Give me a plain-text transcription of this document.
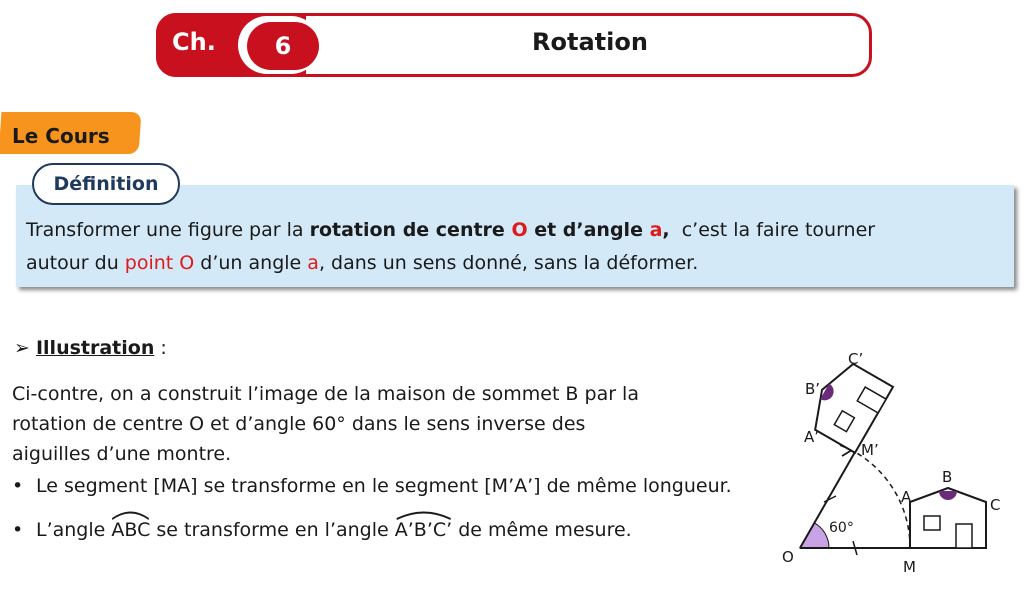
Ch.	6	Rotation
Le Cours
Définition
Transformer une figure par la rotation de centre O et d’angle a,  c’est la faire tourner
autour du point O d’un angle a, dans un sens donné, sans la déformer.
➢ Illustration :
Ci-contre, on a construit l’image de la maison de sommet B par la
rotation de centre O et d’angle 60° dans le sens inverse des
aiguilles d’une montre.
• Le segment [MA] se transforme en le segment [M’A’] de même longueur.
• L’angle
ABC se transforme en l’angle
A’B’C’ de même mesure.
O
M
A
B
C
M’
A’
B’
C’
60°
